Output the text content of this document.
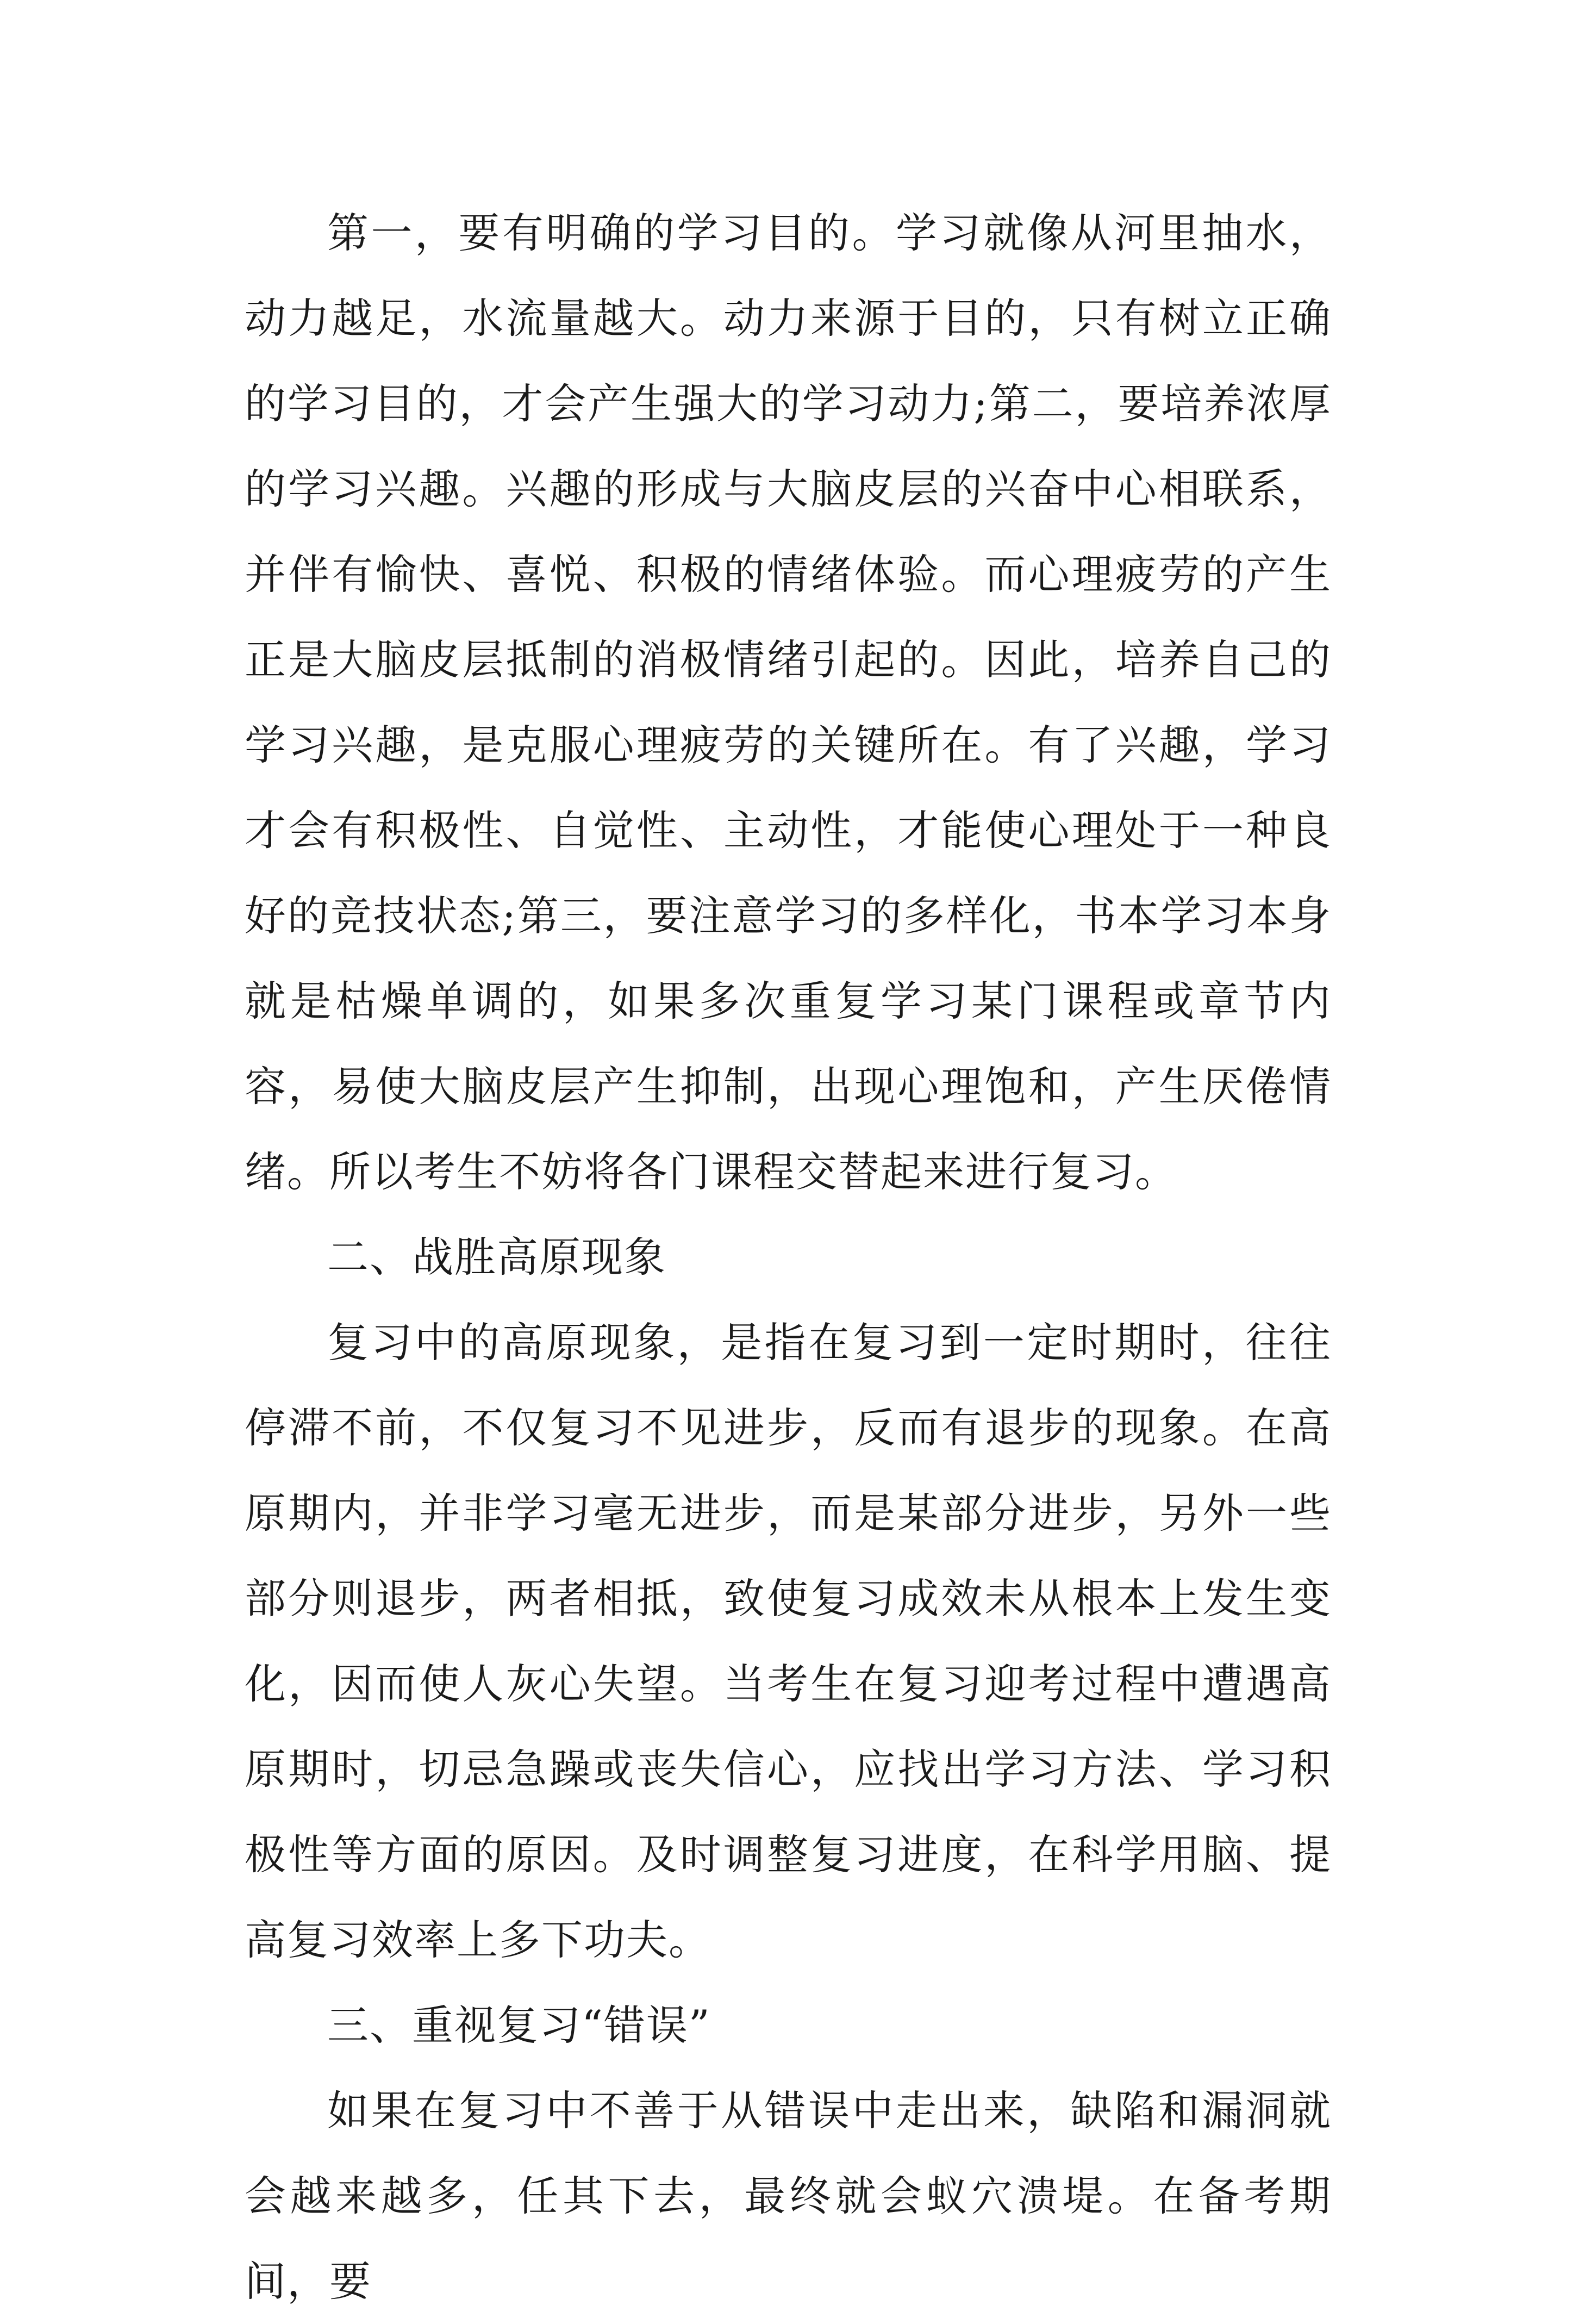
第一，要有明确的学习目的。学习就像从河里抽水，动力越足，水流量越大。动力来源于目的，只有树立正确的学习目的，才会产生强大的学习动力;第二，要培养浓厚的学习兴趣。兴趣的形成与大脑皮层的兴奋中心相联系，并伴有愉快、喜悦、积极的情绪体验。而心理疲劳的产生正是大脑皮层抵制的消极情绪引起的。因此，培养自己的学习兴趣，是克服心理疲劳的关键所在。有了兴趣，学习才会有积极性、自觉性、主动性，才能使心理处于一种良好的竞技状态;第三，要注意学习的多样化，书本学习本身就是枯燥单调的，如果多次重复学习某门课程或章节内容，易使大脑皮层产生抑制，出现心理饱和，产生厌倦情绪。所以考生不妨将各门课程交替起来进行复习。

二、战胜高原现象

复习中的高原现象，是指在复习到一定时期时，往往停滞不前，不仅复习不见进步，反而有退步的现象。在高原期内，并非学习毫无进步，而是某部分进步，另外一些部分则退步，两者相抵，致使复习成效未从根本上发生变化，因而使人灰心失望。当考生在复习迎考过程中遭遇高原期时，切忌急躁或丧失信心，应找出学习方法、学习积极性等方面的原因。及时调整复习进度，在科学用脑、提高复习效率上多下功夫。

三、重视复习“错误”

如果在复习中不善于从错误中走出来，缺陷和漏洞就会越来越多，任其下去，最终就会蚁穴溃堤。在备考期间，要
